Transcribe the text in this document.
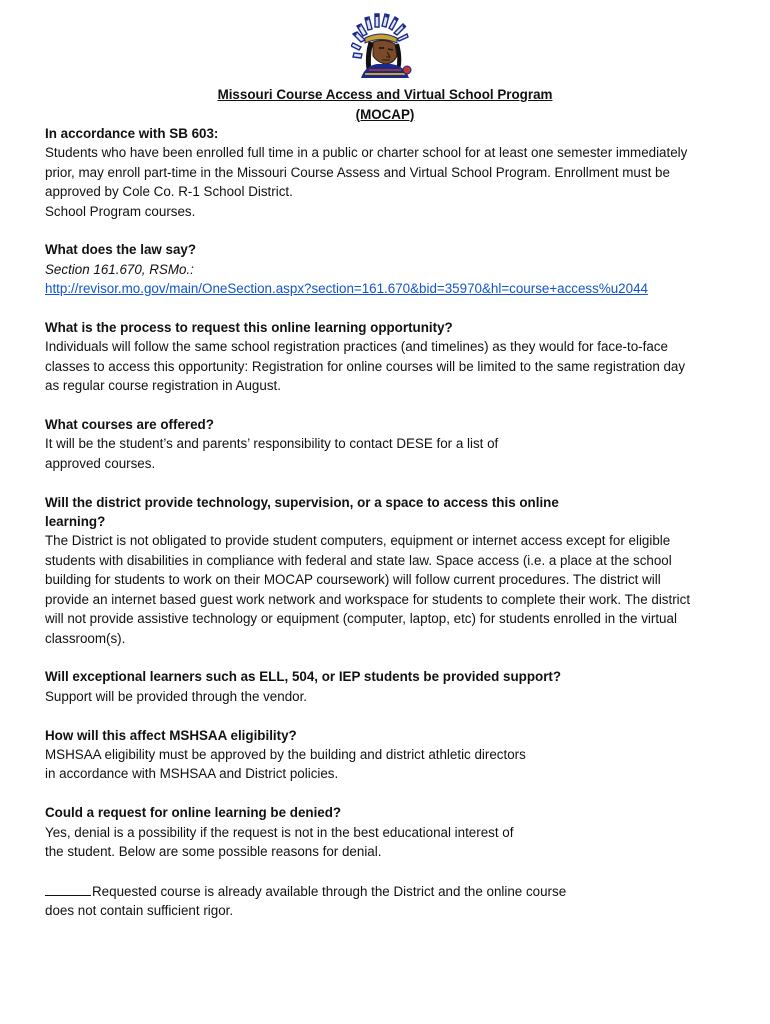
Missouri Course Access and Virtual School Program
(MOCAP)
In accordance with SB 603:
Students who have been enrolled full time in a public or charter school for at least one semester immediately
prior, may enroll part-time in the Missouri Course Assess and Virtual School Program. Enrollment must be
approved by Cole Co. R-1 School District.
School Program courses.
What does the law say?
Section 161.670, RSMo.:
http://revisor.mo.gov/main/OneSection.aspx?section=161.670&bid=35970&hl=course+access%u2044
What is the process to request this online learning opportunity?
Individuals will follow the same school registration practices (and timelines) as they would for face-to-face
classes to access this opportunity: Registration for online courses will be limited to the same registration day
as regular course registration in August.
What courses are offered?
It will be the student’s and parents’ responsibility to contact DESE for a list of
approved courses.
Will the district provide technology, supervision, or a space to access this online
learning?
The District is not obligated to provide student computers, equipment or internet access except for eligible
students with disabilities in compliance with federal and state law. Space access (i.e. a place at the school
building for students to work on their MOCAP coursework) will follow current procedures. The district will
provide an internet based guest work network and workspace for students to complete their work. The district
will not provide assistive technology or equipment (computer, laptop, etc) for students enrolled in the virtual
classroom(s).
Will exceptional learners such as ELL, 504, or IEP students be provided support?
Support will be provided through the vendor.
How will this affect MSHSAA eligibility?
MSHSAA eligibility must be approved by the building and district athletic directors
in accordance with MSHSAA and District policies.
Could a request for online learning be denied?
Yes, denial is a possibility if the request is not in the best educational interest of
the student. Below are some possible reasons for denial.
Requested course is already available through the District and the online course
does not contain sufficient rigor.
